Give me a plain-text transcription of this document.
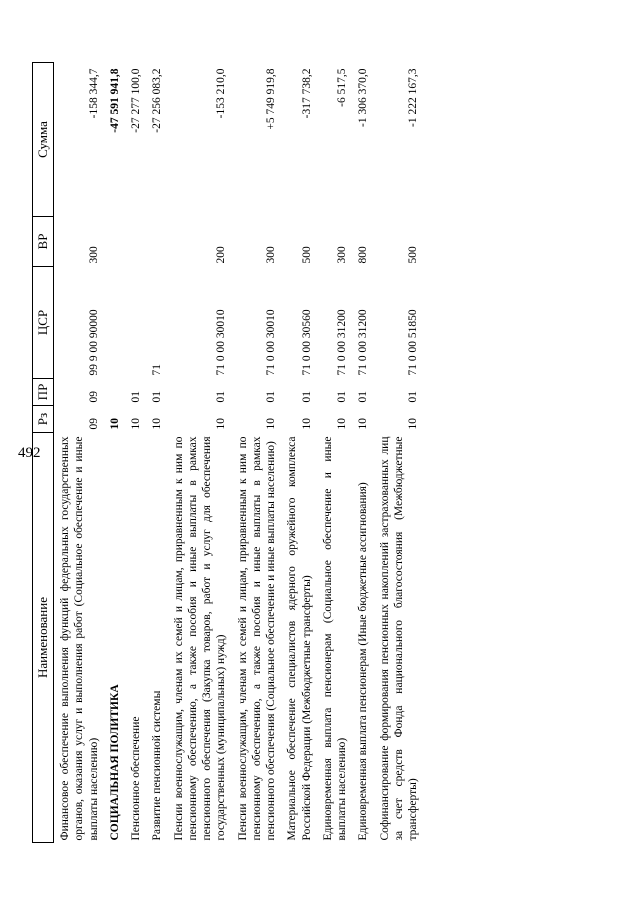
492
Наименование	Рз	ПР	ЦСР	ВР	Сумма
Финансовое обеспечение выполнения функций федеральных государственных органов, оказания услуг и выполнения работ (Социальное обеспечение и иные выплаты населению)	09	09	99 9 00 90000	300	-158 344,7
СОЦИАЛЬНАЯ ПОЛИТИКА	10				-47 591 941,8
Пенсионное обеспечение	10	01			-27 277 100,0
Развитие пенсионной системы	10	01	71		-27 256 083,2
Пенсии военнослужащим, членам их семей и лицам, приравненным к ним по пенсионному обеспечению, а также пособия и иные выплаты в рамках пенсионного обеспечения (Закупка товаров, работ и услуг для обеспечения государственных (муниципальных) нужд)	10	01	71 0 00 30010	200	-153 210,0
Пенсии военнослужащим, членам их семей и лицам, приравненным к ним по пенсионному обеспечению, а также пособия и иные выплаты в рамках пенсионного обеспечения (Социальное обеспечение и иные выплаты населению)	10	01	71 0 00 30010	300	+5 749 919,8
Материальное обеспечение специалистов ядерного оружейного комплекса Российской Федерации (Межбюджетные трансферты)	10	01	71 0 00 30560	500	-317 738,2
Единовременная выплата пенсионерам (Социальное обеспечение и иные выплаты населению)	10	01	71 0 00 31200	300	-6 517,5
Единовременная выплата пенсионерам (Иные бюджетные ассигнования)	10	01	71 0 00 31200	800	-1 306 370,0
Софинансирование формирования пенсионных накоплений застрахованных лиц за счет средств Фонда национального благосостояния (Межбюджетные трансферты)	10	01	71 0 00 51850	500	-1 222 167,3
